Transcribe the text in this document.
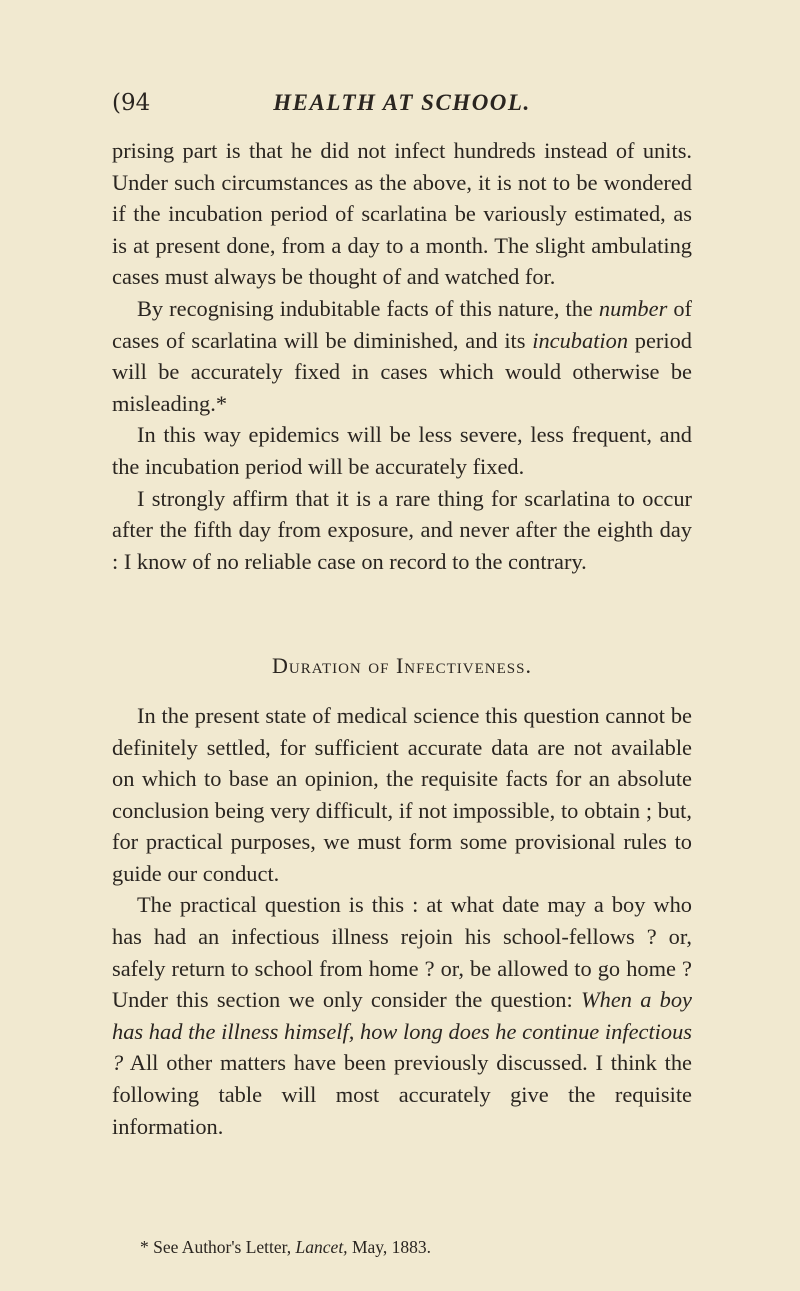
(94	HEALTH AT SCHOOL.

prising part is that he did not infect hundreds instead of units. Under such circumstances as the above, it is not to be wondered if the incubation period of scarlatina be variously estimated, as is at present done, from a day to a month. The slight ambulating cases must always be thought of and watched for.

By recognising indubitable facts of this nature, the number of cases of scarlatina will be diminished, and its incubation period will be accurately fixed in cases which would otherwise be misleading.*

In this way epidemics will be less severe, less frequent, and the incubation period will be accurately fixed.

I strongly affirm that it is a rare thing for scarlatina to occur after the fifth day from exposure, and never after the eighth day : I know of no reliable case on record to the contrary.

Duration of Infectiveness.

In the present state of medical science this question cannot be definitely settled, for sufficient accurate data are not available on which to base an opinion, the requisite facts for an absolute conclusion being very difficult, if not impossible, to obtain ; but, for practical purposes, we must form some provisional rules to guide our conduct.

The practical question is this : at what date may a boy who has had an infectious illness rejoin his school-fellows ? or, safely return to school from home ? or, be allowed to go home ? Under this section we only consider the question: When a boy has had the illness himself, how long does he continue infectious ? All other matters have been previously discussed. I think the following table will most accurately give the requisite information.

* See Author's Letter, Lancet, May, 1883.
